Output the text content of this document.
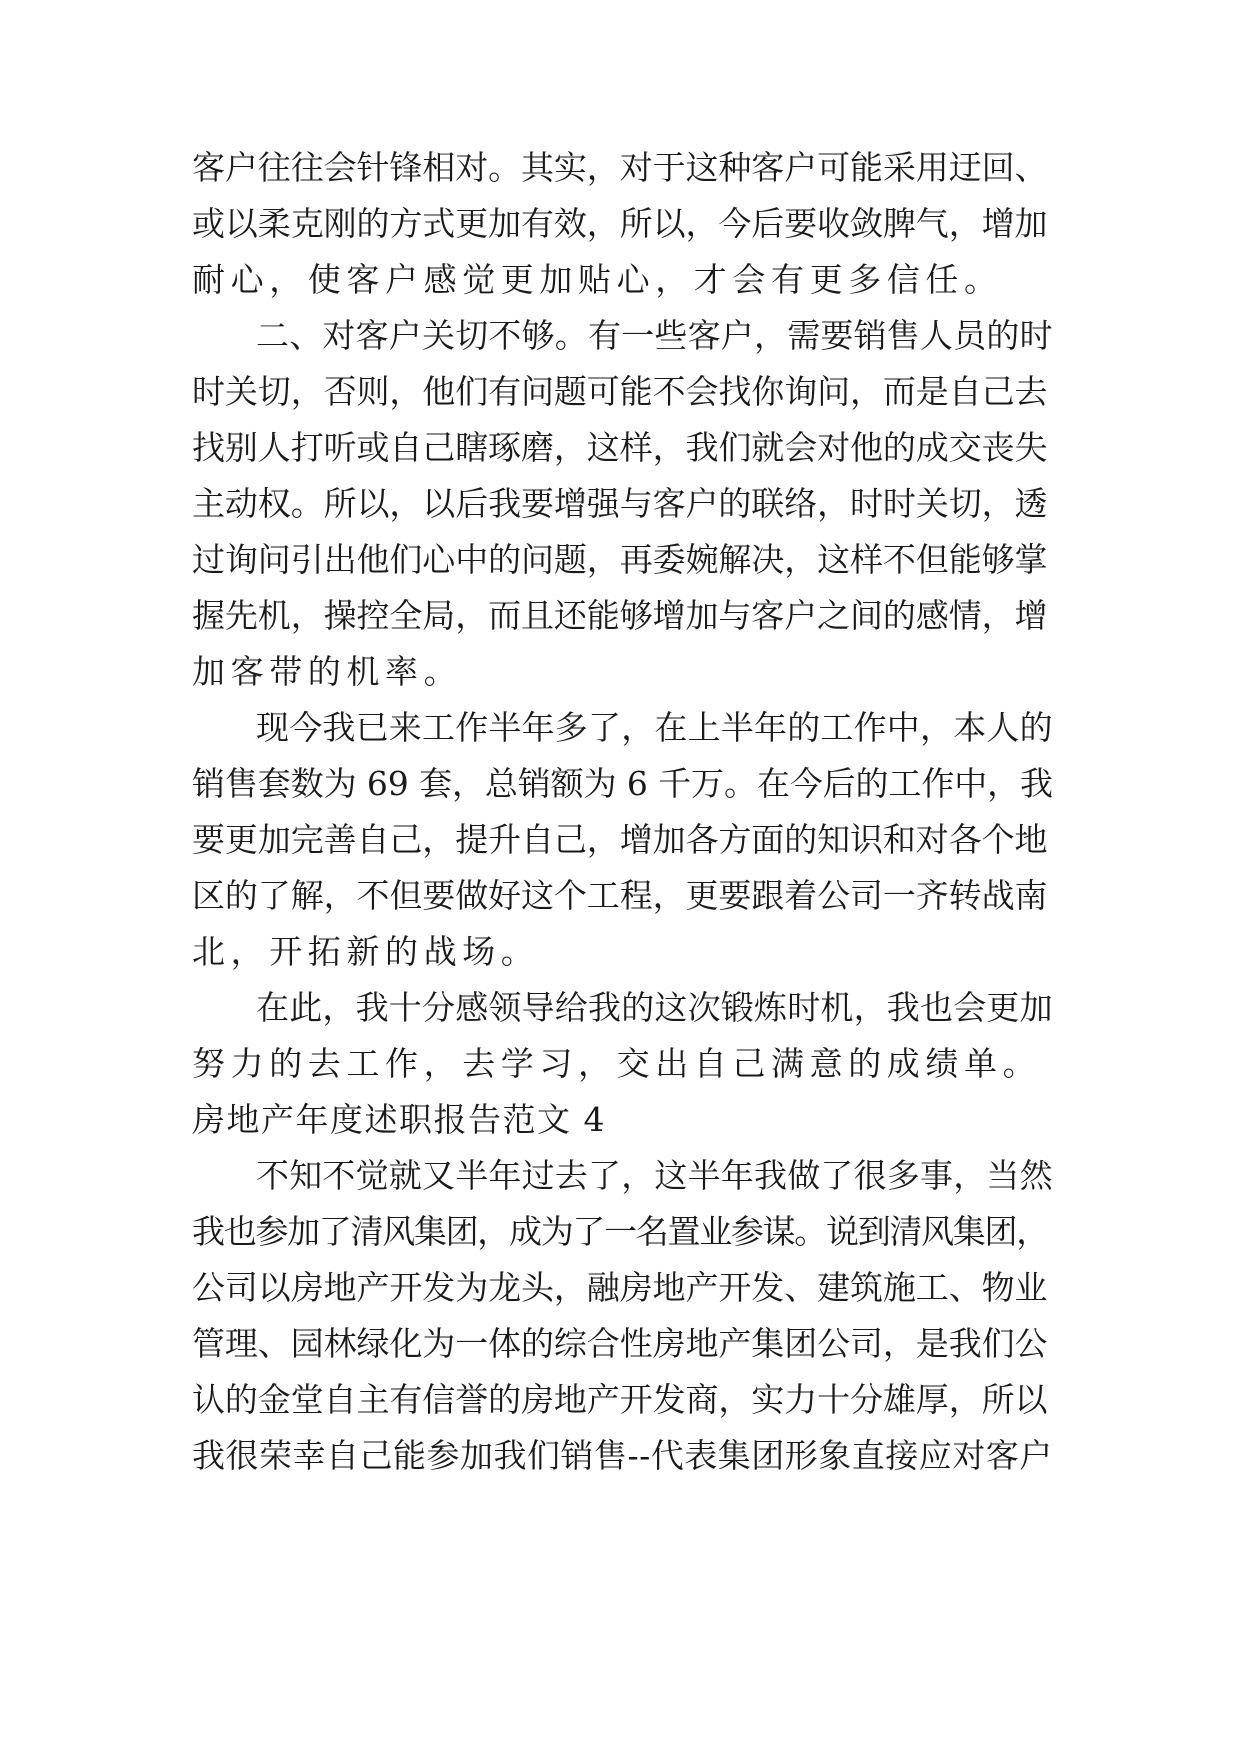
客户往往会针锋相对。其实，对于这种客户可能采用迂回、
或以柔克刚的方式更加有效，所以，今后要收敛脾气，增加
耐心，使客户感觉更加贴心，才会有更多信任。
二、对客户关切不够。有一些客户，需要销售人员的时
时关切，否则，他们有问题可能不会找你询问，而是自己去
找别人打听或自己瞎琢磨，这样，我们就会对他的成交丧失
主动权。所以，以后我要增强与客户的联络，时时关切，透
过询问引出他们心中的问题，再委婉解决，这样不但能够掌
握先机，操控全局，而且还能够增加与客户之间的感情，增
加客带的机率。
现今我已来工作半年多了，在上半年的工作中，本人的
销售套数为 69 套，总销额为 6 千万。在今后的工作中，我
要更加完善自己，提升自己，增加各方面的知识和对各个地
区的了解，不但要做好这个工程，更要跟着公司一齐转战南
北，开拓新的战场。
在此，我十分感领导给我的这次锻炼时机，我也会更加
努力的去工作，去学习，交出自己满意的成绩单。
房地产年度述职报告范文 4
不知不觉就又半年过去了，这半年我做了很多事，当然
我也参加了清风集团，成为了一名置业参谋。说到清风集团，
公司以房地产开发为龙头，融房地产开发、建筑施工、物业
管理、园林绿化为一体的综合性房地产集团公司，是我们公
认的金堂自主有信誉的房地产开发商，实力十分雄厚，所以
我很荣幸自己能参加我们销售--代表集团形象直接应对客户
